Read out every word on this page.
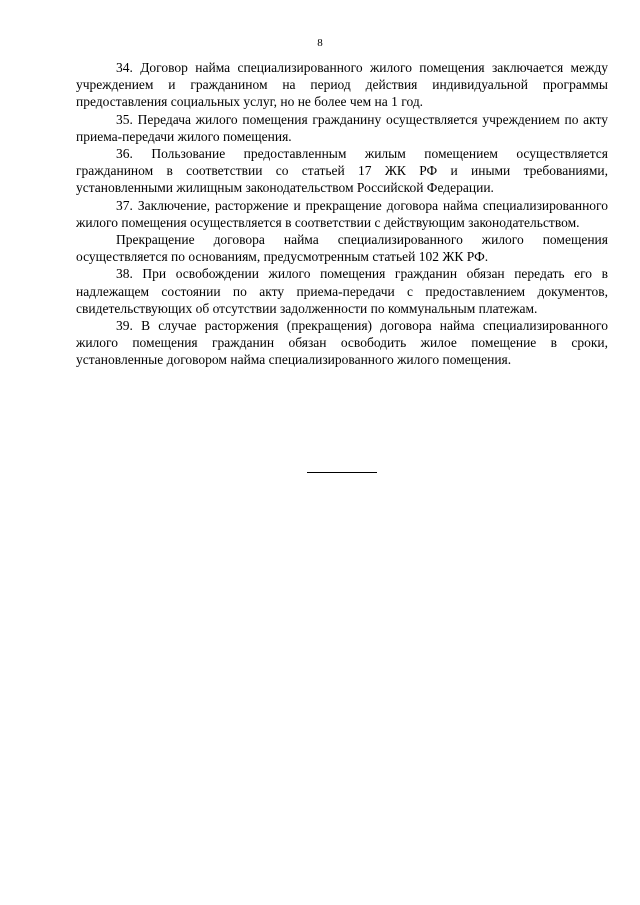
8

34. Договор найма специализированного жилого помещения заключается между учреждением и гражданином на период действия индивидуальной программы предоставления социальных услуг, но не более чем на 1 год.

35. Передача жилого помещения гражданину осуществляется учреждением по акту приема-передачи жилого помещения.

36. Пользование предоставленным жилым помещением осуществляется гражданином в соответствии со статьей 17 ЖК РФ и иными требованиями, установленными жилищным законодательством Российской Федерации.

37. Заключение, расторжение и прекращение договора найма специализированного жилого помещения осуществляется в соответствии с действующим законодательством.

Прекращение договора найма специализированного жилого помещения осуществляется по основаниям, предусмотренным статьей 102 ЖК РФ.

38. При освобождении жилого помещения гражданин обязан передать его в надлежащем состоянии по акту приема-передачи с предоставлением документов, свидетельствующих об отсутствии задолженности по коммунальным платежам.

39. В случае расторжения (прекращения) договора найма специализированного жилого помещения гражданин обязан освободить жилое помещение в сроки, установленные договором найма специализированного жилого помещения.
